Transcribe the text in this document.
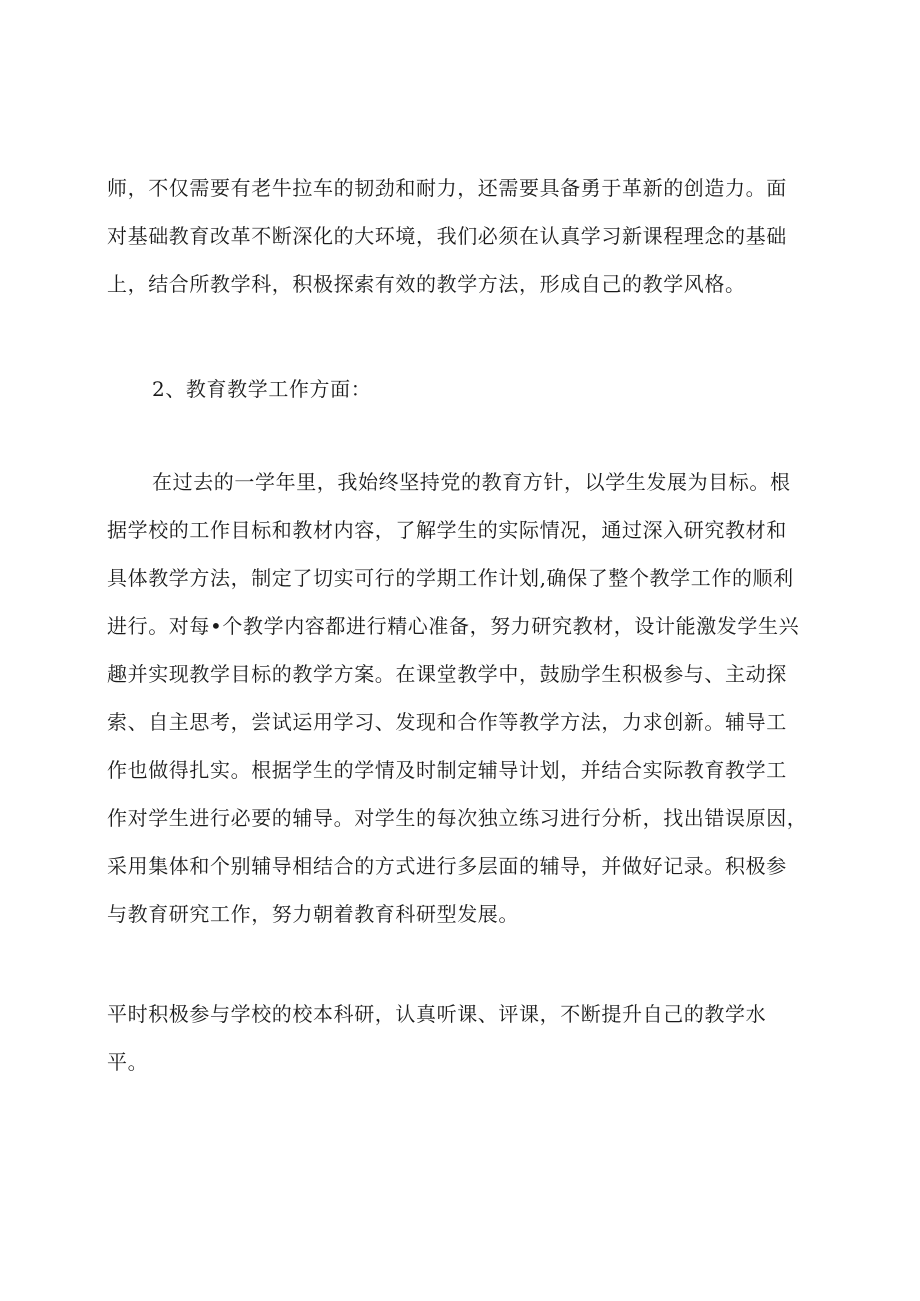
师，不仅需要有老牛拉车的韧劲和耐力，还需要具备勇于革新的创造力。面
对基础教育改革不断深化的大环境，我们必须在认真学习新课程理念的基础
上，结合所教学科，积极探索有效的教学方法，形成自己的教学风格。
2、教育教学工作方面：
在过去的一学年里，我始终坚持党的教育方针，以学生发展为目标。根
据学校的工作目标和教材内容，了解学生的实际情况，通过深入研究教材和
具体教学方法，制定了切实可行的学期工作计划,确保了整个教学工作的顺利
进行。对每•个教学内容都进行精心准备，努力研究教材，设计能激发学生兴
趣并实现教学目标的教学方案。在课堂教学中，鼓励学生积极参与、主动探
索、自主思考，尝试运用学习、发现和合作等教学方法，力求创新。辅导工
作也做得扎实。根据学生的学情及时制定辅导计划，并结合实际教育教学工
作对学生进行必要的辅导。对学生的每次独立练习进行分析，找出错误原因，
采用集体和个别辅导相结合的方式进行多层面的辅导，并做好记录。积极参
与教育研究工作，努力朝着教育科研型发展。
平时积极参与学校的校本科研，认真听课、评课，不断提升自己的教学水
平。
